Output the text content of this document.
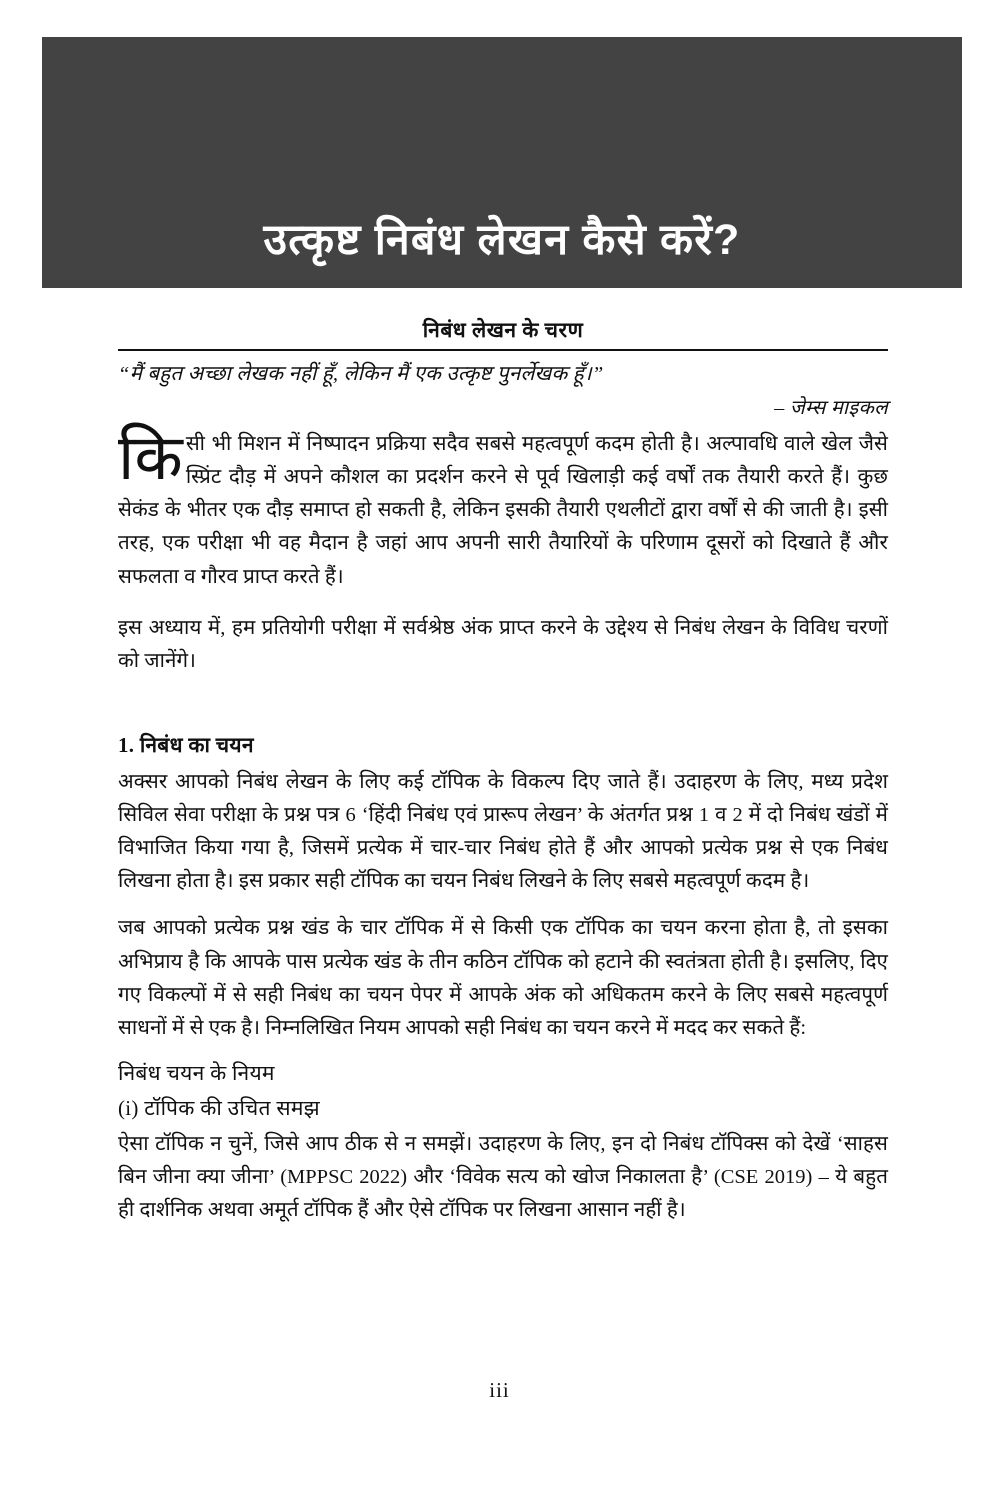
उत्कृष्ट निबंध लेखन कैसे करें?
निबंध लेखन के चरण

“मैं बहुत अच्छा लेखक नहीं हूँ, लेकिन मैं एक उत्कृष्ट पुनर्लेखक हूँ।”

– जेम्स माइकल

किसी भी मिशन में निष्पादन प्रक्रिया सदैव सबसे महत्वपूर्ण कदम होती है। अल्पावधि वाले खेल जैसे स्प्रिंट दौड़ में अपने कौशल का प्रदर्शन करने से पूर्व खिलाड़ी कई वर्षों तक तैयारी करते हैं। कुछ सेकंड के भीतर एक दौड़ समाप्त हो सकती है, लेकिन इसकी तैयारी एथलीटों द्वारा वर्षों से की जाती है। इसी तरह, एक परीक्षा भी वह मैदान है जहां आप अपनी सारी तैयारियों के परिणाम दूसरों को दिखाते हैं और सफलता व गौरव प्राप्त करते हैं।

इस अध्याय में, हम प्रतियोगी परीक्षा में सर्वश्रेष्ठ अंक प्राप्त करने के उद्देश्य से निबंध लेखन के विविध चरणों को जानेंगे।

1. निबंध का चयन

अक्सर आपको निबंध लेखन के लिए कई टॉपिक के विकल्प दिए जाते हैं। उदाहरण के लिए, मध्य प्रदेश सिविल सेवा परीक्षा के प्रश्न पत्र 6 ‘हिंदी निबंध एवं प्रारूप लेखन’ के अंतर्गत प्रश्न 1 व 2 में दो निबंध खंडों में विभाजित किया गया है, जिसमें प्रत्येक में चार-चार निबंध होते हैं और आपको प्रत्येक प्रश्न से एक निबंध लिखना होता है। इस प्रकार सही टॉपिक का चयन निबंध लिखने के लिए सबसे महत्वपूर्ण कदम है।

जब आपको प्रत्येक प्रश्न खंड के चार टॉपिक में से किसी एक टॉपिक का चयन करना होता है, तो इसका अभिप्राय है कि आपके पास प्रत्येक खंड के तीन कठिन टॉपिक को हटाने की स्वतंत्रता होती है। इसलिए, दिए गए विकल्पों में से सही निबंध का चयन पेपर में आपके अंक को अधिकतम करने के लिए सबसे महत्वपूर्ण साधनों में से एक है। निम्नलिखित नियम आपको सही निबंध का चयन करने में मदद कर सकते हैं:

निबंध चयन के नियम
(i) टॉपिक की उचित समझ

ऐसा टॉपिक न चुनें, जिसे आप ठीक से न समझें। उदाहरण के लिए, इन दो निबंध टॉपिक्स को देखें ‘साहस बिन जीना क्या जीना’ (MPPSC 2022) और ‘विवेक सत्य को खोज निकालता है’ (CSE 2019) – ये बहुत ही दार्शनिक अथवा अमूर्त टॉपिक हैं और ऐसे टॉपिक पर लिखना आसान नहीं है।

iii
